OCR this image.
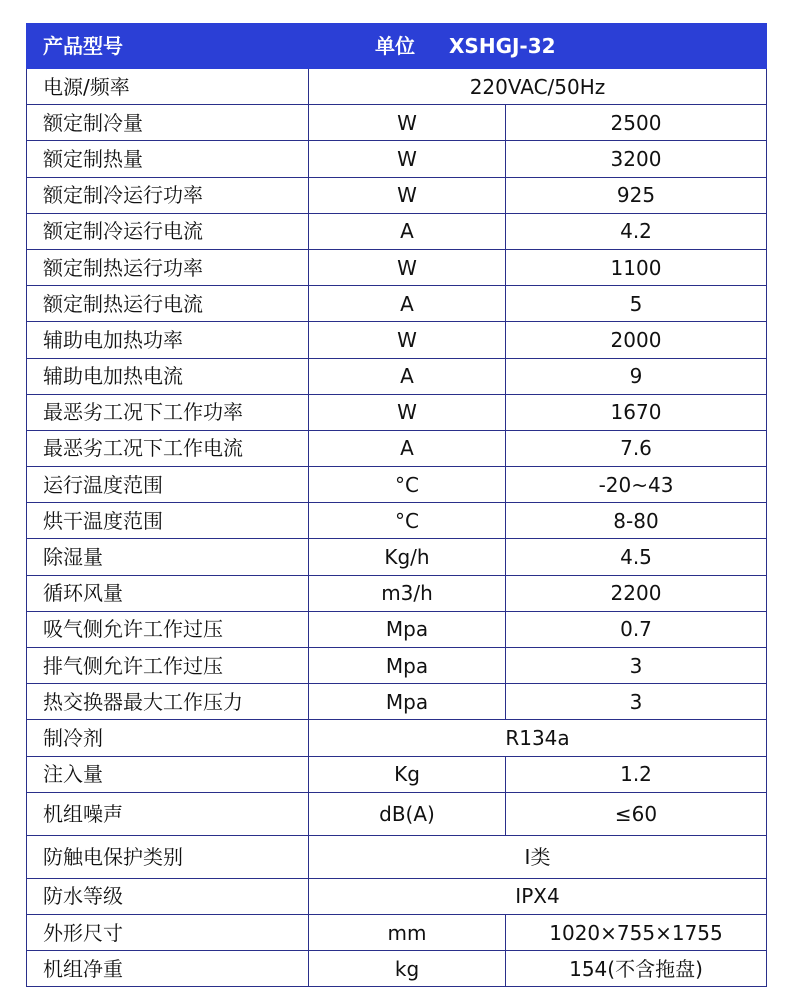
产品型号	单位 XSHGJ-32	
电源/频率	220VAC/50Hz	
额定制冷量	W	2500
额定制热量	W	3200
额定制冷运行功率	W	925
额定制冷运行电流	A	4.2
额定制热运行功率	W	1100
额定制热运行电流	A	5
辅助电加热功率	W	2000
辅助电加热电流	A	9
最恶劣工况下工作功率	W	1670
最恶劣工况下工作电流	A	7.6
运行温度范围	°C	-20~43
烘干温度范围	°C	8-80
除湿量	Kg/h	4.5
循环风量	m3/h	2200
吸气侧允许工作过压	Mpa	0.7
排气侧允许工作过压	Mpa	3
热交换器最大工作压力	Mpa	3
制冷剂	R134a	
注入量	Kg	1.2
机组噪声	dB(A)	≤60
防触电保护类别	I类	
防水等级	IPX4	
外形尺寸	mm	1020×755×1755
机组净重	kg	154(不含拖盘)
